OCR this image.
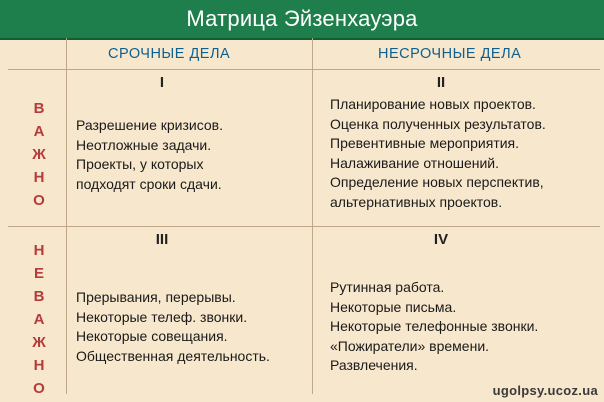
Матрица Эйзенхауэра
СРОЧНЫЕ ДЕЛА	НЕСРОЧНЫЕ ДЕЛА
В
А
Ж
Н
О
Н
Е
В
А
Ж
Н
О
I
Разрешение кризисов.
Неотложные задачи.
Проекты, у которых
подходят сроки сдачи.
II
Планирование новых проектов.
Оценка полученных результатов.
Превентивные мероприятия.
Налаживание отношений.
Определение новых перспектив,
альтернативных проектов.
III
Прерывания, перерывы.
Некоторые телеф. звонки.
Некоторые совещания.
Общественная деятельность.
IV
Рутинная работа.
Некоторые письма.
Некоторые телефонные звонки.
«Пожиратели» времени.
Развлечения.
ugolpsy.ucoz.ua
